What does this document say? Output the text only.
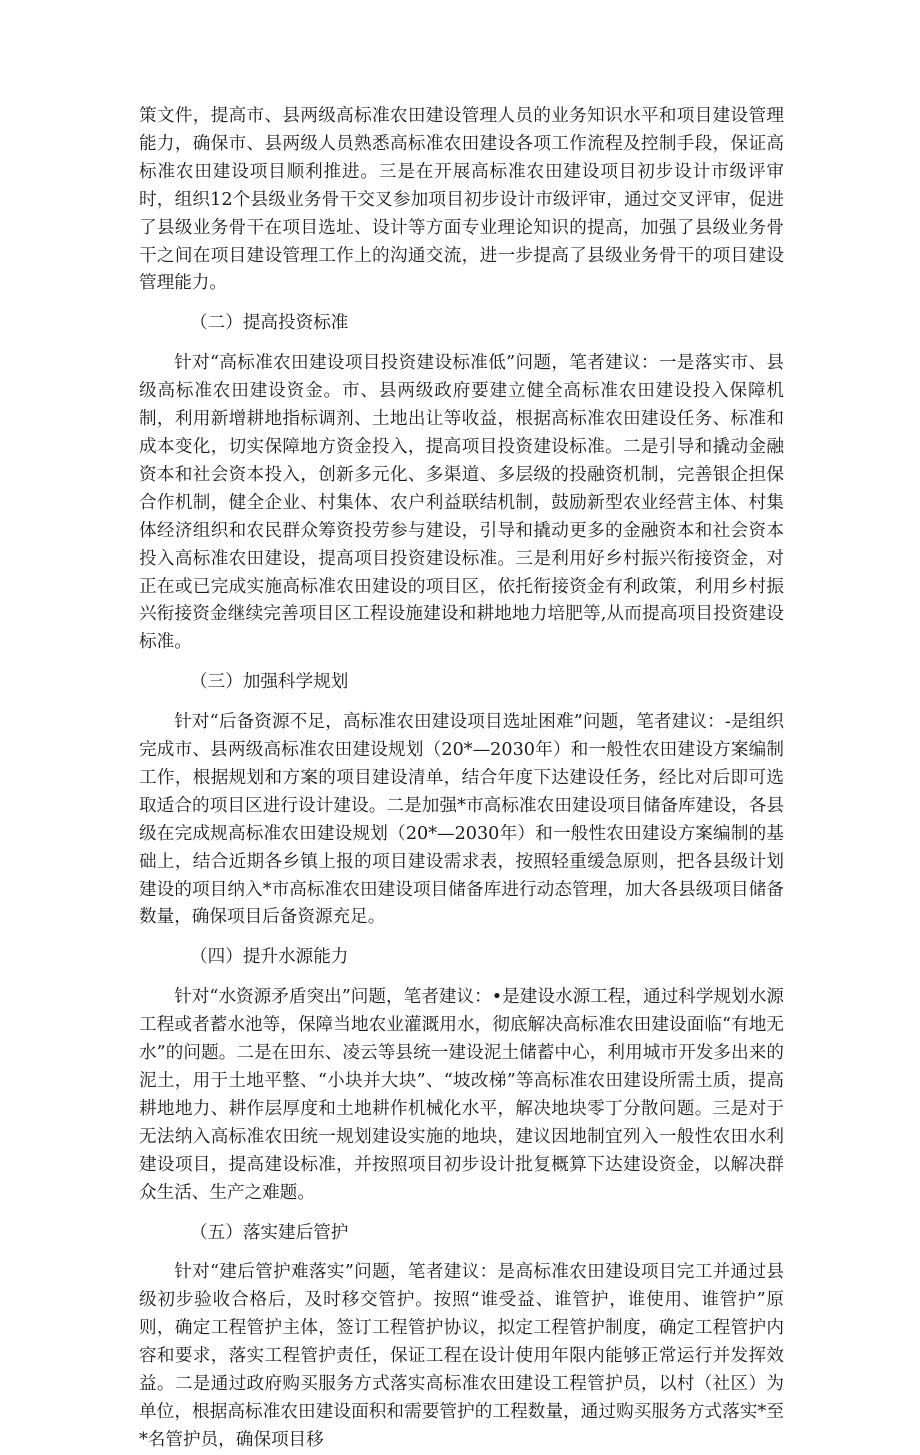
策文件，提高市、县两级高标准农田建设管理人员的业务知识水平和项目建设管理能力，确保市、县两级人员熟悉高标准农田建设各项工作流程及控制手段，保证高标准农田建设项目顺利推进。三是在开展高标准农田建设项目初步设计市级评审时，组织12个县级业务骨干交叉参加项目初步设计市级评审，通过交叉评审，促进了县级业务骨干在项目选址、设计等方面专业理论知识的提高，加强了县级业务骨干之间在项目建设管理工作上的沟通交流，进一步提高了县级业务骨干的项目建设管理能力。

（二）提高投资标准

针对“高标准农田建设项目投资建设标准低”问题，笔者建议：一是落实市、县级高标准农田建设资金。市、县两级政府要建立健全高标准农田建设投入保障机制，利用新增耕地指标调剂、土地出让等收益，根据高标准农田建设任务、标准和成本变化，切实保障地方资金投入，提高项目投资建设标准。二是引导和撬动金融资本和社会资本投入，创新多元化、多渠道、多层级的投融资机制，完善银企担保合作机制，健全企业、村集体、农户利益联结机制，鼓励新型农业经营主体、村集体经济组织和农民群众筹资投劳参与建设，引导和撬动更多的金融资本和社会资本投入高标准农田建设，提高项目投资建设标准。三是利用好乡村振兴衔接资金，对正在或已完成实施高标准农田建设的项目区，依托衔接资金有利政策，利用乡村振兴衔接资金继续完善项目区工程设施建设和耕地地力培肥等,从而提高项目投资建设标准。

（三）加强科学规划

针对“后备资源不足，高标准农田建设项目选址困难”问题，笔者建议：-是组织完成市、县两级高标准农田建设规划（20*—2030年）和一般性农田建设方案编制工作，根据规划和方案的项目建设清单，结合年度下达建设任务，经比对后即可选取适合的项目区进行设计建设。二是加强*市高标准农田建设项目储备库建设，各县级在完成规高标准农田建设规划（20*—2030年）和一般性农田建设方案编制的基础上，结合近期各乡镇上报的项目建设需求表，按照轻重缓急原则，把各县级计划建设的项目纳入*市高标准农田建设项目储备库进行动态管理，加大各县级项目储备数量，确保项目后备资源充足。

（四）提升水源能力

针对“水资源矛盾突出”问题，笔者建议：•是建设水源工程，通过科学规划水源工程或者蓄水池等，保障当地农业灌溉用水，彻底解决高标准农田建设面临“有地无水”的问题。二是在田东、凌云等县统一建设泥土储蓄中心，利用城市开发多出来的泥土，用于土地平整、“小块并大块”、“坡改梯”等高标准农田建设所需土质，提高耕地地力、耕作层厚度和土地耕作机械化水平，解决地块零丁分散问题。三是对于无法纳入高标准农田统一规划建设实施的地块，建议因地制宜列入一般性农田水利建设项目，提高建设标准，并按照项目初步设计批复概算下达建设资金，以解决群众生活、生产之难题。

（五）落实建后管护

针对“建后管护难落实”问题，笔者建议：是高标准农田建设项目完工并通过县级初步验收合格后，及时移交管护。按照“谁受益、谁管护，谁使用、谁管护”原则，确定工程管护主体，签订工程管护协议，拟定工程管护制度，确定工程管护内容和要求，落实工程管护责任，保证工程在设计使用年限内能够正常运行并发挥效益。二是通过政府购买服务方式落实高标准农田建设工程管护员，以村（社区）为单位，根据高标准农田建设面积和需要管护的工程数量，通过购买服务方式落实*至*名管护员，确保项目移
